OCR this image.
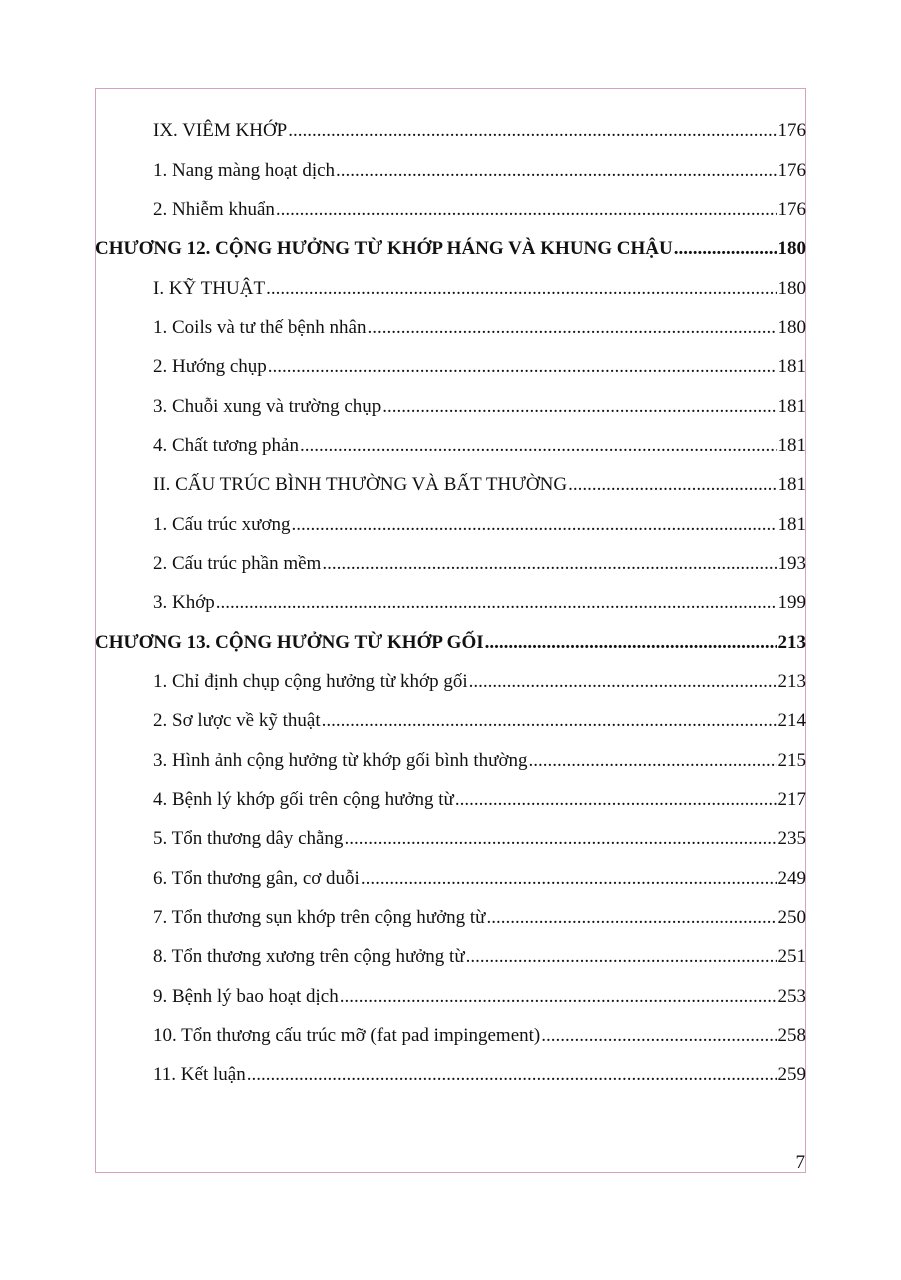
IX. VIÊM KHỚP .....	176
1. Nang màng hoạt dịch .....	176
2. Nhiễm khuẩn .....	176
CHƯƠNG 12. CỘNG HƯỞNG TỪ KHỚP HÁNG VÀ KHUNG CHẬU .....	180
I. KỸ THUẬT .....	180
1. Coils và tư thế bệnh nhân .....	180
2. Hướng chụp .....	181
3. Chuỗi xung và trường chụp .....	181
4. Chất tương phản .....	181
II. CẤU TRÚC BÌNH THƯỜNG VÀ BẤT THƯỜNG .....	181
1. Cấu trúc xương .....	181
2. Cấu trúc phần mềm .....	193
3. Khớp .....	199
CHƯƠNG 13. CỘNG HƯỞNG TỪ KHỚP GỐI .....	213
1. Chỉ định chụp cộng hưởng từ khớp gối .....	213
2. Sơ lược về kỹ thuật .....	214
3. Hình ảnh cộng hưởng từ khớp gối bình thường .....	215
4. Bệnh lý khớp gối trên cộng hưởng từ .....	217
5. Tổn thương dây chằng .....	235
6. Tổn thương gân, cơ duỗi .....	249
7. Tổn thương sụn khớp trên cộng hưởng từ .....	250
8. Tổn thương xương trên cộng hưởng từ .....	251
9. Bệnh lý bao hoạt dịch .....	253
10. Tổn thương cấu trúc mỡ (fat pad impingement) .....	258
11. Kết luận .....	259
7
